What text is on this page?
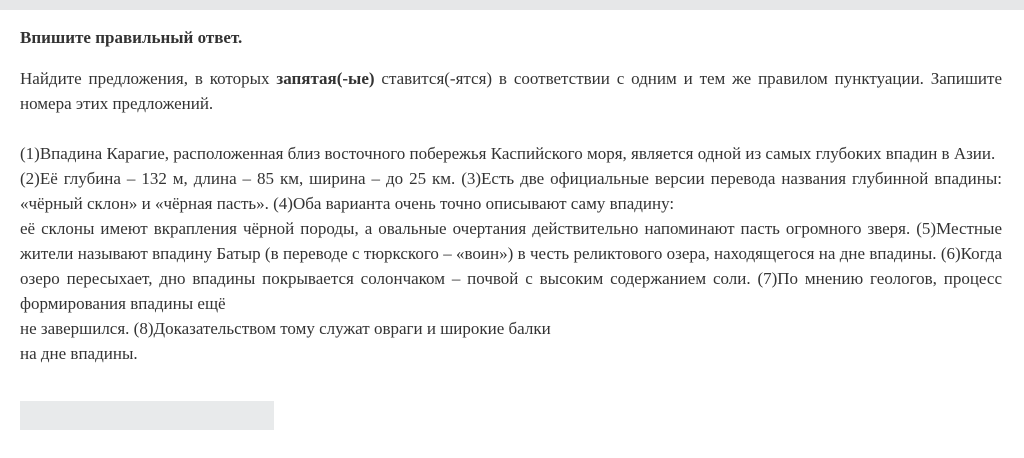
Впишите правильный ответ.
Найдите предложения, в которых запятая(-ые) ставится(-ятся) в соответствии с одним и тем же правилом пунктуации. Запишите номера этих предложений.
(1)Впадина Карагие, расположенная близ восточного побережья Каспийского моря, является одной из самых глубоких впадин в Азии.
(2)Её глубина – 132 м, длина – 85 км, ширина – до 25 км. (3)Есть две официальные версии перевода названия глубинной впадины: «чёрный склон» и «чёрная пасть». (4)Оба варианта очень точно описывают саму впадину:
её склоны имеют вкрапления чёрной породы, а овальные очертания действительно напоминают пасть огромного зверя. (5)Местные жители называют впадину Батыр (в переводе с тюркского – «воин») в честь реликтового озера, находящегося на дне впадины. (6)Когда озеро пересыхает, дно впадины покрывается солончаком – почвой с высоким содержанием соли. (7)По мнению геологов, процесс формирования впадины ещё
не завершился. (8)Доказательством тому служат овраги и широкие балки
на дне впадины.
